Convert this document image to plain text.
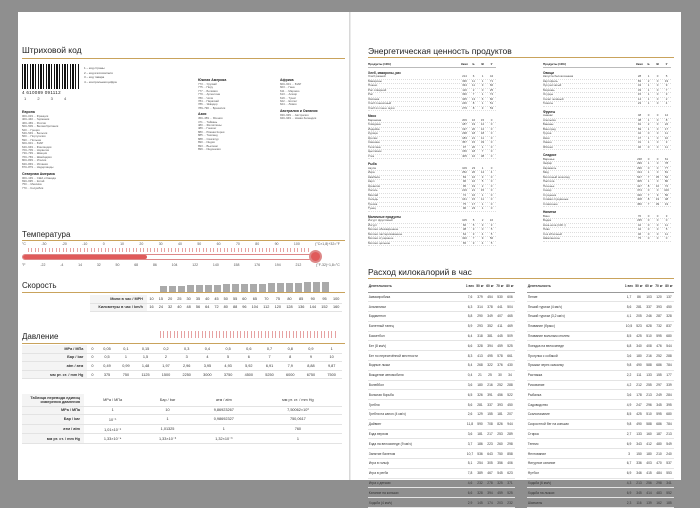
Штриховой код
4 610089 091112
1 2 3 4
1 – код страны
2 – код изготовителя
3 – код товара
4 – контрольная цифра
Европа
000–019 ... Франция
400–440 ... Германия
460–469 ... Россия
500–509 ... Великобритания
520 ... Греция
540–549 ... Бельгия
560 ... Португалия
590 ... Польша
600–601 ... ЮАР
640–649 ... Финляндия
700–709 ... Норвегия
730–739 ... Швеция
760–769 ... Швейцария
800–839 ... Италия
840–849 ... Испания
870–879 ... Нидерланды
Северная Америка
000–139 ... США и Канада
690–695 ... Китай
750 ... Мексика
770 ... Колумбия
Южная Америка
773 ... Уругвай
775 ... Перу
777 ... Боливия
779 ... Аргентина
780 ... Чили
784 ... Парагвай
786 ... Эквадор
789–790 ... Бразилия
Азия
450–459 ... Япония
471 ... Тайвань
480 ... Филиппины
489 ... Гонконг
880 ... Южная Корея
885 ... Таиланд
888 ... Сингапур
890 ... Индия
893 ... Вьетнам
899 ... Индонезия
Африка
600–601 ... ЮАР
603 ... Гана
611 ... Марокко
613 ... Алжир
619 ... Тунис
622 ... Египет
624 ... Ливия
Австралия и Океания
930–939 ... Австралия
940–949 ... Новая Зеландия
Температура
°C	-30	-20	-10	0	10	20	30	40	50	60	70	80	90	100	(°С×1,8)+32=°F
°F	-22	-4	14	32	50	68	86	104	122	140	158	176	194	212	(°F-32)÷1,8=°С
Скорость
Мили в час / MPH	10	15	20	25	30	35	40	45	50	55	60	65	70	75	80	85	90	95	100
Километры в час / km/h	16	24	32	40	48	56	64	72	80	88	96	104	112	120	128	136	144	152	160
Давление
MPa / МПа	0	0,05	0,1	0,15	0,2	0,3	0,4	0,5	0,6	0,7	0,8	0,9	1
Бар / bar	0	0,5	1	1,5	2	3	4	5	6	7	8	9	10
atm / атм	0	0,49	0,99	1,48	1,97	2,96	3,95	4,93	5,92	6,91	7,9	8,88	9,87
мм рт. ст. / mm Hg	0	375	750	1125	1500	2250	3000	3750	4500	5250	6000	6750	7500
Таблица перевода единиц измерения давления	MPa / МПа	Бар / bar	атм / atm	мм рт. ст. / mm Hg
MPa / МПа	1	10	9,86923267	7,50062×10³
Бар / bar	10⁻¹	1	0,98692327	750,0617
атм / atm	1,01×10⁻¹	1,01325	1	760
мм рт. ст. / mm Hg	1,33×10⁻⁴	1,33×10⁻³	1,32×10⁻³	1
Энергетическая ценность продуктов
Продукты (100г)	Ккал	Б	Ж	У
Хлеб, макароны, рис
Хлеб ржаной	214	6	1	44
Макароны	336	11	1	71
Пшено	334	11	3	66
Рис отварной	116	2	0	25
Рис	330	7	1	74
Овсянка	345	13	6	60
Хлеб пшеничный	246	8	1	51
Хлеб из пшен. муки	279	8	3	53
Мясо
Баранина	209	16	15	0
Говядина	187	19	12	0
Индейка	197	20	12	0
Курица	238	18	18	0
Кролик	183	21	11	0
Свинина	357	15	33	0
Телятина	97	20	1	0
Цыплёнок	156	18	7	0
Утка	405	16	38	0
Рыба
Акула	109	23	1	0
Икра	252	26	14	4
Камбала	83	16	3	0
Карп	96	16	5	0
Креветки	95	19	2	0
Лосось	219	21	15	0
Минтай	72	16	1	0
Сельдь	161	15	11	0
Треска	75	17	1	0
Тунец	96	23	1	0
Молочные продукты
Йогурт фруктовый	105	5	2	16
Йогурт	66	5	3	3
Молоко обезжиренное	38	3	0	5
Молоко пастеризованное	64	3	4	5
Молоко сгущённое	320	7	9	56
Молоко цельное	65	3	4	5
Продукты (100г)	Ккал	Б	Ж	У
Овощи
Капуста белокочанная	28	1	0	5
Картофель	83	2	0	19
Лук репчатый	43	1	0	9
Морковь	33	1	0	7
Огурцы	15	1	0	3
Салат зелёный	14	1	0	2
Томаты	23	1	0	4
Фрукты
Ананас	48	0	0	12
Апельсин	38	1	0	8
Бананы	91	2	0	22
Виноград	69	1	0	17
Груша	42	0	0	11
Киви	47	1	0	10
Лимон	31	1	0	3
Яблоки	46	0	0	11
Сладкое
Варенье	238	0	0	61
Зефир	299	1	0	78
Карамель	296	0	0	77
Мёд	314	1	0	81
Молочный шоколад	547	7	35	52
Пастила	305	1	0	80
Печенье	417	8	10	72
Сахар	374	0	0	100
Сгущенка	320	7	9	56
Сливки сгущённые	408	8	19	48
Сливочное	450	7	39	19
Напитки
Вино	70	0	0	3
Водка	235	0	0	0
Кока-кола (100 г)	42	0	0	11
Пиво	42	0	0	5
Сок яблочный	46	0	0	11
Шампанское	75	0	0	0
Расход килокалорий в час
Деятельность	1 вес	50 кг	60 кг	70 кг	80 кг
Аквааэробика	7,6	379	454	530	606
Альпинизм	6,3	314	378	441	504
Бадминтон	5,8	290	349	407	465
Балетный танец	5,9	293	352	411	469
Баскетбол	6,4	318	381	445	509
Бег (8 км/ч)	6,6	328	394	459	525
Бег по пересечённой местности	8,3	413	495	578	661
Водные лыжи	5,4	268	322	376	430
Вождение автомобиля	0,4	21	25	30	34
Волейбол	3,6	180	216	252	288
Вольная борьба	6,5	326	391	456	522
Гребля	5,6	281	337	393	450
Гребля на каноэ (4 км/ч)	2,6	129	155	181	207
Дайвинг	11,8	590	708	826	944
Езда верхом	3,6	181	217	253	289
Езда на велосипеде (9 км/ч)	3,7	186	223	260	298
Занятие балетом	10,7	536	643	750	858
Игра в гольф	5,1	254	305	356	406
Игра в регби	7,8	389	467	545	623
Игра с детьми	4,6	232	278	325	371
Катание на коньках	6,6	328	394	459	525
Ходьба (4 км/ч)	2,9	145	174	203	232
Деятельность	1 вес	50 кг	60 кг	70 кг	80 кг
Пение	1,7	86	103	120	137
Пеший туризм (4 км/ч)	5,6	281	337	393	450
Пеший туризм (3,2 км/ч)	4,1	205	246	287	328
Плавание (брасс)	10,5	523	628	732	837
Плавание вольным стилем	8,5	425	510	595	680
Поездка на велосипеде	6,8	340	408	476	544
Прогулка с собакой	3,6	180	216	252	288
Прыжки через скакалку	9,8	490	588	686	784
Растяжка	2,2	111	133	155	177
Рисование	4,2	212	255	297	339
Рыбалка	3,6	178	213	249	284
Садоводство	4,9	247	296	345	395
Скалолазание	8,5	425	510	595	680
Скоростной бег на коньках	9,8	490	588	686	784
Стирка	2,7	133	160	187	213
Теннис	6,9	343	412	480	549
Фехтование	3	150	180	210	240
Фигурное катание	6,7	336	403	470	537
Футбол	6,9	346	415	484	553
Ходьба (6 км/ч)	4,3	213	256	298	341
Ходьба на лыжах	6,9	345	414	483	552
Шахматы	2,3	116	139	162	185
